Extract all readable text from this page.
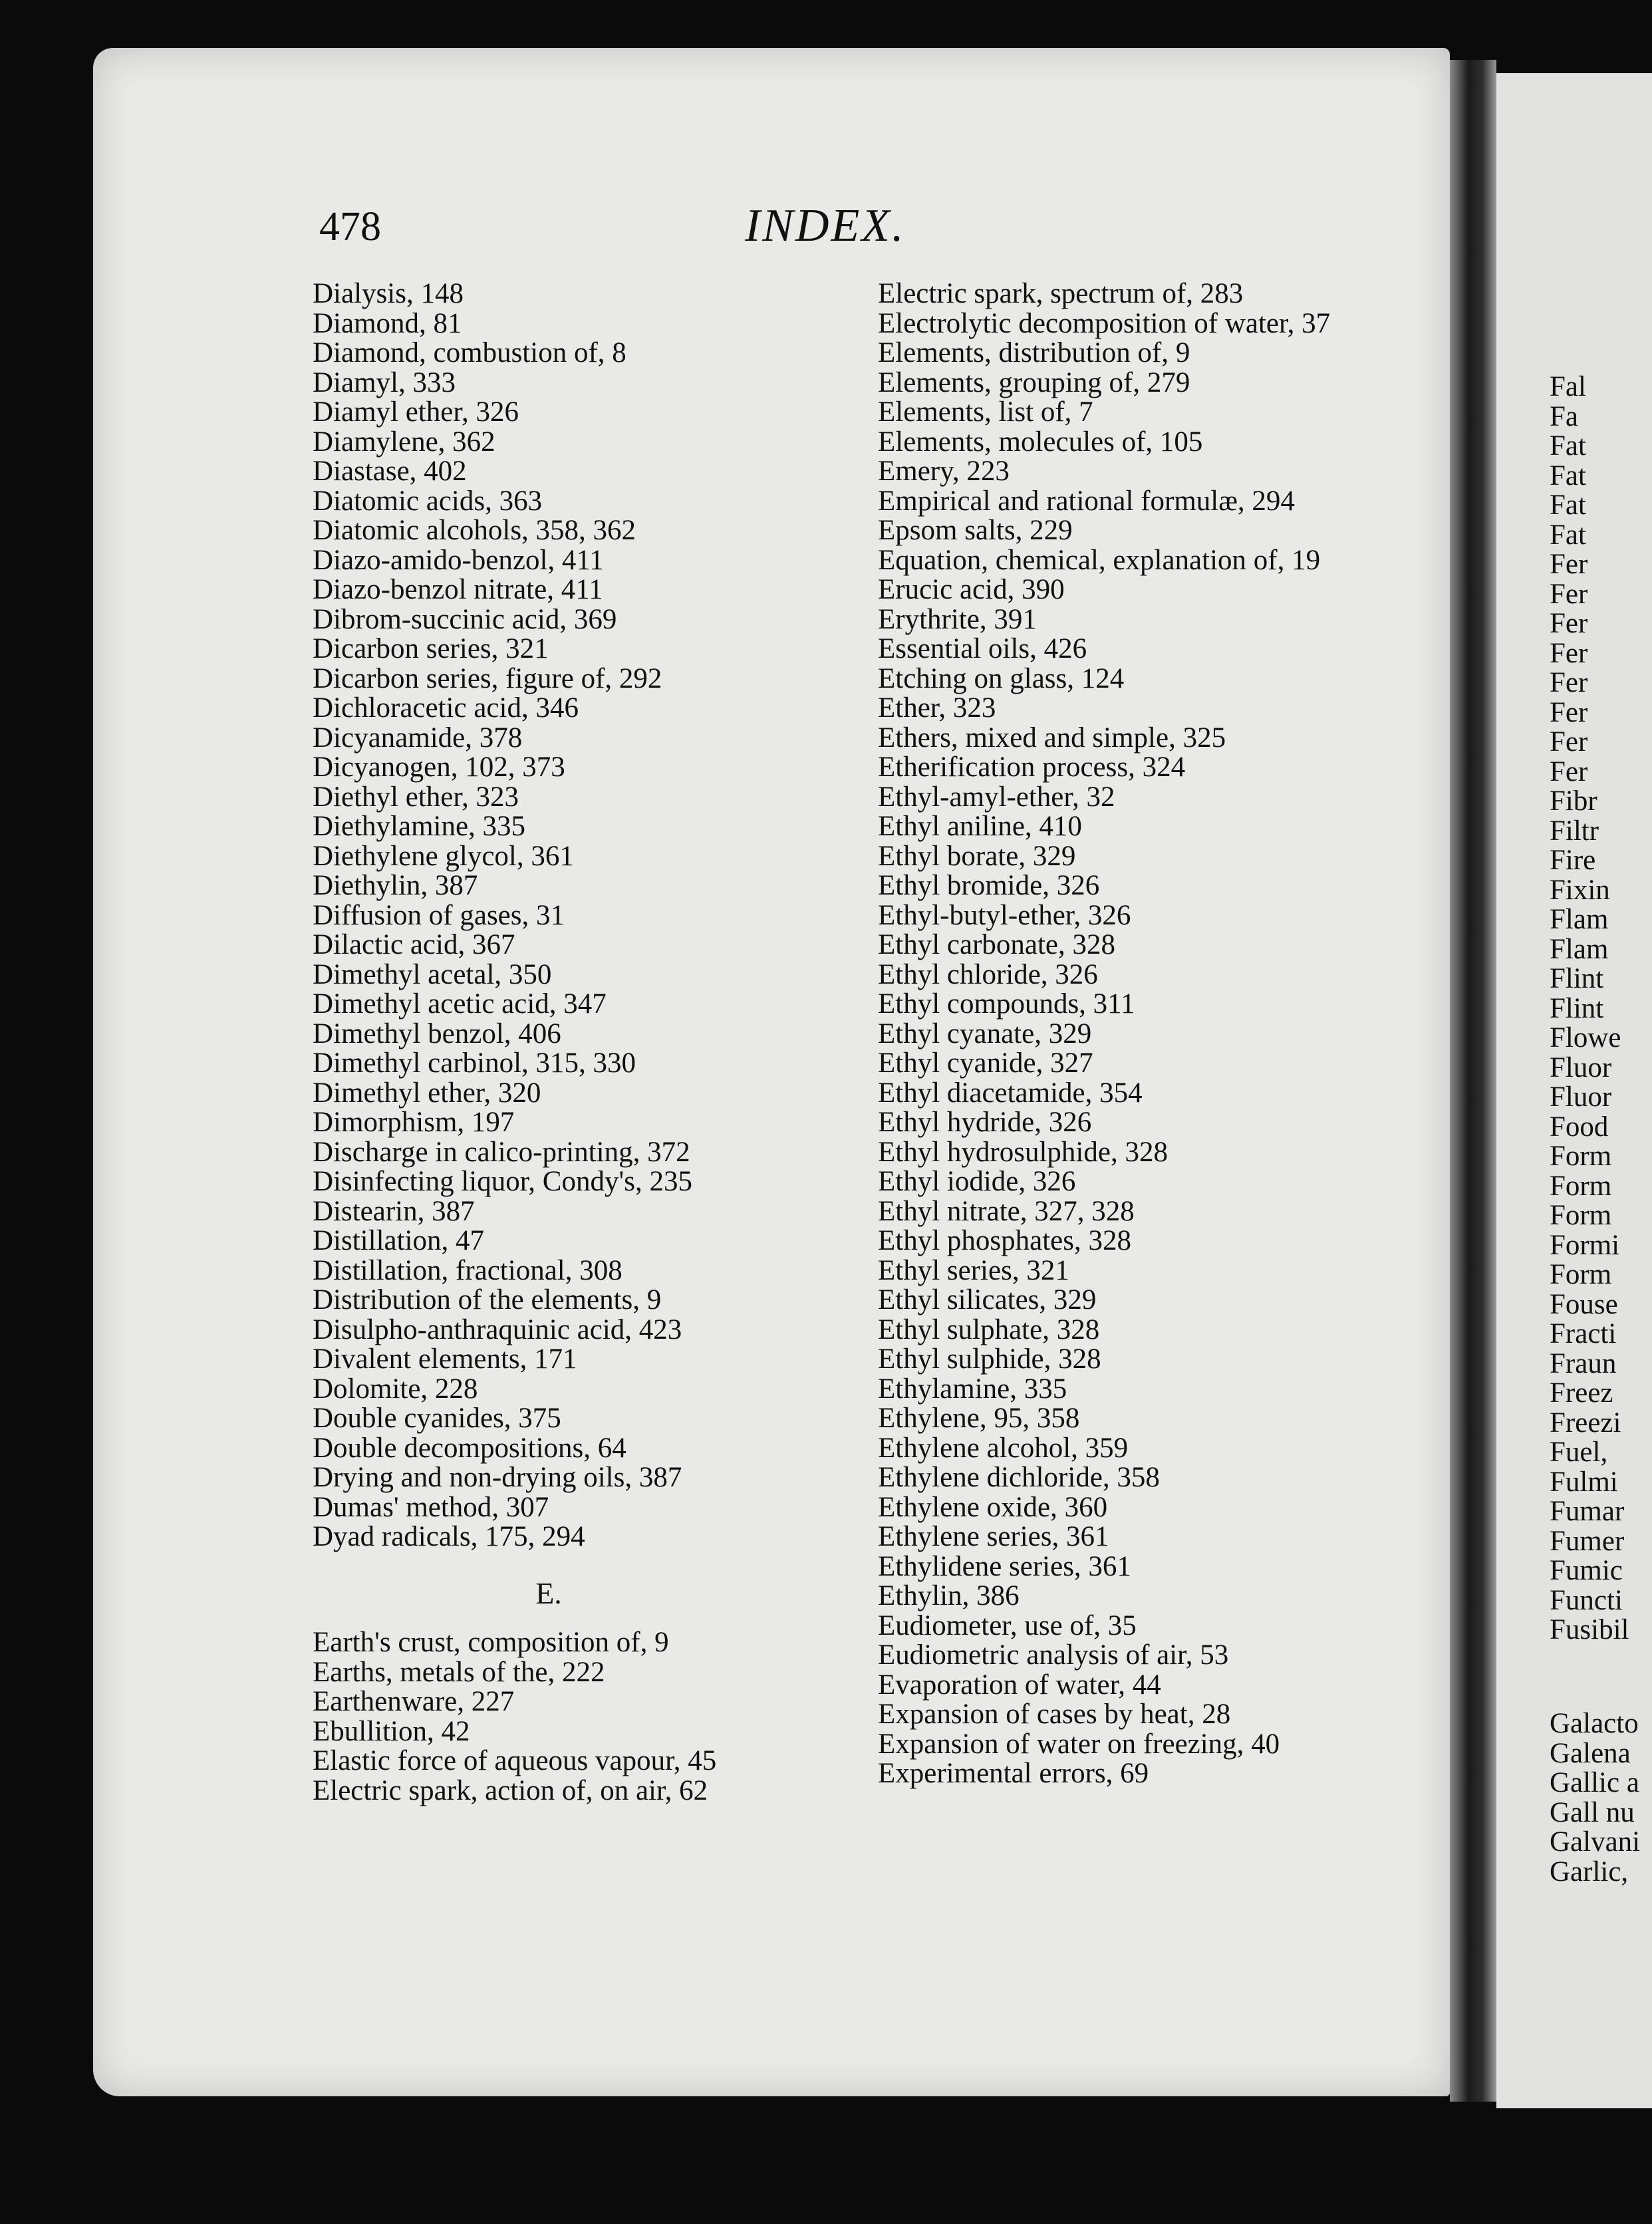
478	INDEX.
Dialysis, 148
Diamond, 81
Diamond, combustion of, 8
Diamyl, 333
Diamyl ether, 326
Diamylene, 362
Diastase, 402
Diatomic acids, 363
Diatomic alcohols, 358, 362
Diazo-amido-benzol, 411
Diazo-benzol nitrate, 411
Dibrom-succinic acid, 369
Dicarbon series, 321
Dicarbon series, figure of, 292
Dichloracetic acid, 346
Dicyanamide, 378
Dicyanogen, 102, 373
Diethyl ether, 323
Diethylamine, 335
Diethylene glycol, 361
Diethylin, 387
Diffusion of gases, 31
Dilactic acid, 367
Dimethyl acetal, 350
Dimethyl acetic acid, 347
Dimethyl benzol, 406
Dimethyl carbinol, 315, 330
Dimethyl ether, 320
Dimorphism, 197
Discharge in calico-printing, 372
Disinfecting liquor, Condy's, 235
Distearin, 387
Distillation, 47
Distillation, fractional, 308
Distribution of the elements, 9
Disulpho-anthraquinic acid, 423
Divalent elements, 171
Dolomite, 228
Double cyanides, 375
Double decompositions, 64
Drying and non-drying oils, 387
Dumas' method, 307
Dyad radicals, 175, 294
E.
Earth's crust, composition of, 9
Earths, metals of the, 222
Earthenware, 227
Ebullition, 42
Elastic force of aqueous vapour, 45
Electric spark, action of, on air, 62
Electric spark, spectrum of, 283
Electrolytic decomposition of water, 37
Elements, distribution of, 9
Elements, grouping of, 279
Elements, list of, 7
Elements, molecules of, 105
Emery, 223
Empirical and rational formulæ, 294
Epsom salts, 229
Equation, chemical, explanation of, 19
Erucic acid, 390
Erythrite, 391
Essential oils, 426
Etching on glass, 124
Ether, 323
Ethers, mixed and simple, 325
Etherification process, 324
Ethyl-amyl-ether, 32
Ethyl aniline, 410
Ethyl borate, 329
Ethyl bromide, 326
Ethyl-butyl-ether, 326
Ethyl carbonate, 328
Ethyl chloride, 326
Ethyl compounds, 311
Ethyl cyanate, 329
Ethyl cyanide, 327
Ethyl diacetamide, 354
Ethyl hydride, 326
Ethyl hydrosulphide, 328
Ethyl iodide, 326
Ethyl nitrate, 327, 328
Ethyl phosphates, 328
Ethyl series, 321
Ethyl silicates, 329
Ethyl sulphate, 328
Ethyl sulphide, 328
Ethylamine, 335
Ethylene, 95, 358
Ethylene alcohol, 359
Ethylene dichloride, 358
Ethylene oxide, 360
Ethylene series, 361
Ethylidene series, 361
Ethylin, 386
Eudiometer, use of, 35
Eudiometric analysis of air, 53
Evaporation of water, 44
Expansion of cases by heat, 28
Expansion of water on freezing, 40
Experimental errors, 69
Fal
Fa
Fat
Fat
Fat
Fat
Fer
Fer
Fer
Fer
Fer
Fer
Fer
Fer
Fibr
Filtr
Fire
Fixin
Flam
Flam
Flint
Flint
Flowe
Fluor
Fluor
Food
Form
Form
Form
Formi
Form
Fouse
Fracti
Fraun
Freez
Freezi
Fuel,
Fulmi
Fumar
Fumer
Fumic
Functi
Fusibil
Galacto
Galena
Gallic a
Gall nu
Galvani
Garlic,
